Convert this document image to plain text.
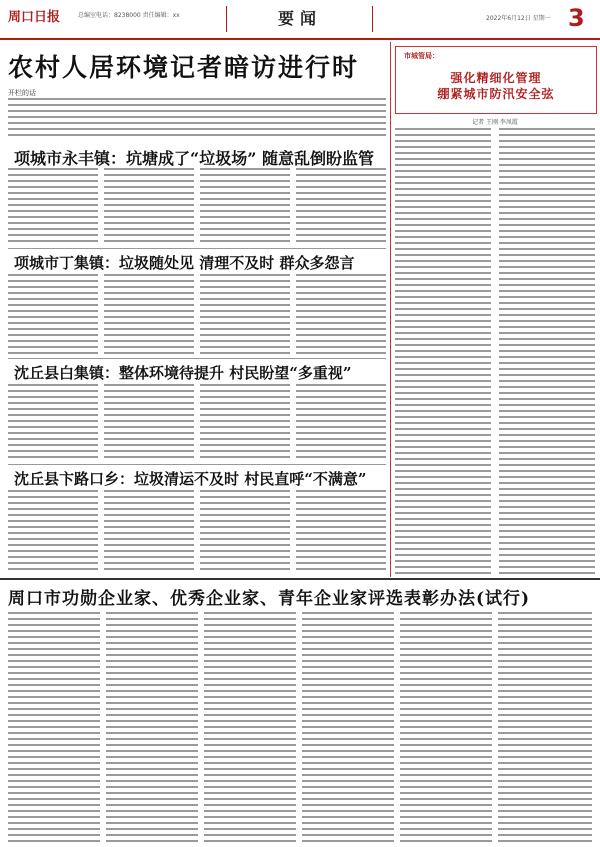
周口日报	总编室电话：8238000 责任编辑：xx	要闻	2022年6月12日 星期一 3
农村人居环境记者暗访进行时
开栏的话
项城市永丰镇：坑塘成了“垃圾场” 随意乱倒盼监管
项城市丁集镇：垃圾随处见 清理不及时 群众多怨言
沈丘县白集镇：整体环境待提升 村民盼望“多重视”
沈丘县卞路口乡：垃圾清运不及时 村民直呼“不满意”
市城管局：
强化精细化管理
绷紧城市防汛安全弦
记者 王刚 李凤霞
周口市功勋企业家、优秀企业家、青年企业家评选表彰办法(试行)
